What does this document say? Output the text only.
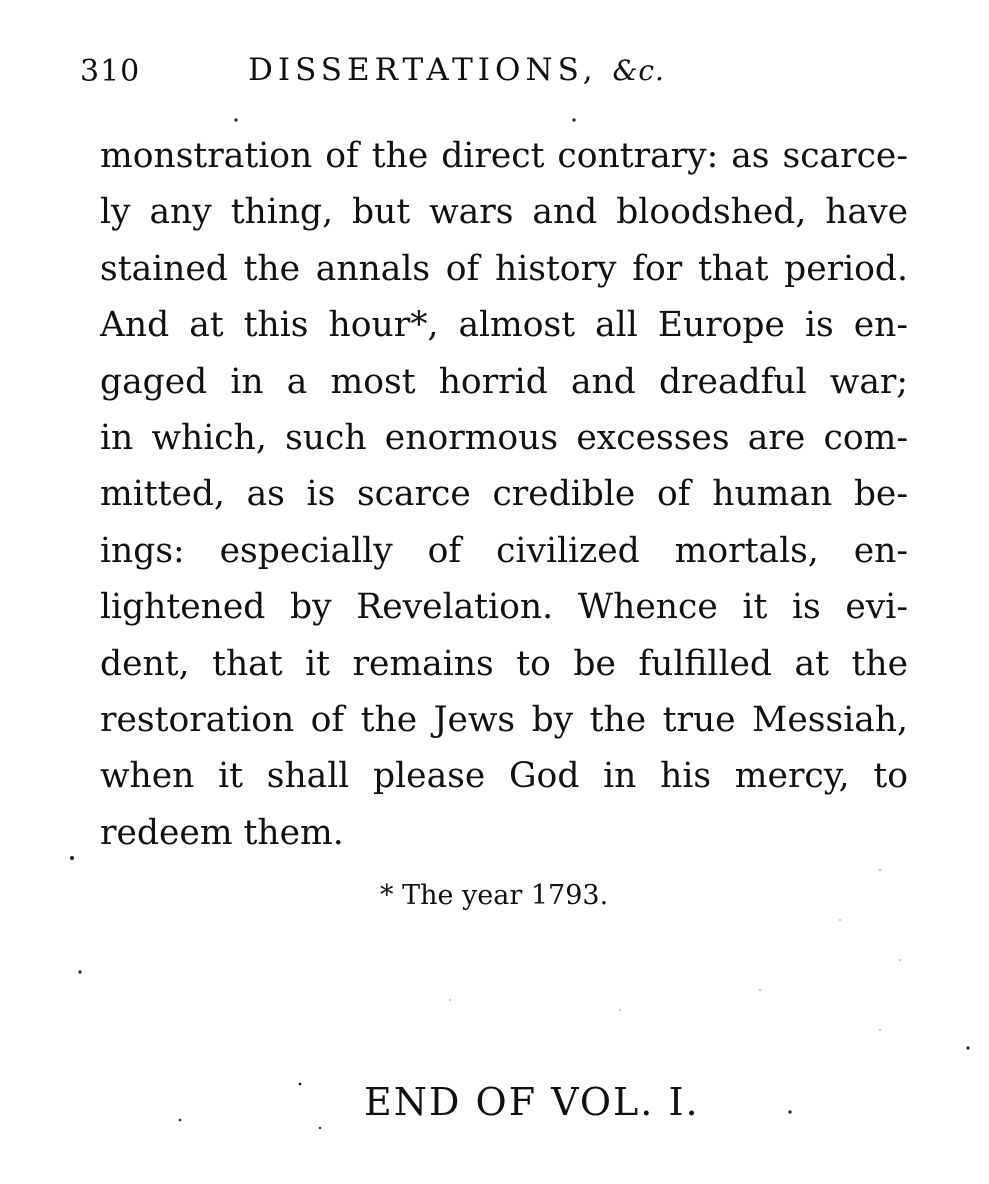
310	DISSERTATIONS, &c.
monstration of the direct contrary: as scarce-
ly any thing, but wars and bloodshed, have
stained the annals of history for that period.
And at this hour*, almost all Europe is en-
gaged in a most horrid and dreadful war;
in which, such enormous excesses are com-
mitted, as is scarce credible of human be-
ings: especially of civilized mortals, en-
lightened by Revelation. Whence it is evi-
dent, that it remains to be fulfilled at the
restoration of the Jews by the true Messiah,
when it shall please God in his mercy, to
redeem them.
* The year 1793.
END OF VOL. I.
